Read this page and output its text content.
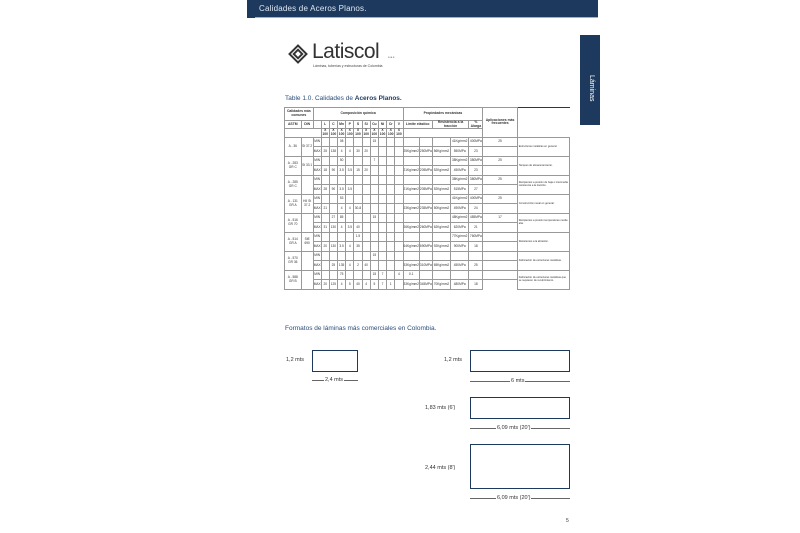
Calidades de Aceros Planos.
Láminas
Latiscol	s.a.s
Láminas, tuberías y estructuras de Colombia
Table 1.0. Calidades de Aceros Planos.
Calidades más comunes		Composición química											Propiedades mecánicas					Aplicaciones más frecuentes	
ASTM	DIN		L	C	Mn	P	S	Si	Cu	Ni	Cr	V	Límite elástico		Resistencia a la tracción		% Alarga		
			X 100	X 100	X 100	X 100	X 100	X 100	X 100	X 100	X 100	X 100							
A - 36	St 37.2	MIN			08				15							41Kg/mm2	400MPa	25	Estructuras metálicas en general.
		MAX	25	138	4	4	30	20					25Kg/mm2	250MPa	56Kg/mm2	550MPa	23		
A - 283 GR C	St 33.1	MIN			50				7							38Kg/mm2	380MPa	25	Tanques de almacenamiento.
		MAX	18	90	3.5	3.5	15	20					21Kg/mm2	205MPa	52Kg/mm2	450MPa	23		
A - 285 GR C		MIN														38Kg/mm2	380MPa	25	Recipientes a presión de baja o intermedia resistencia a la tracción.
		MAX	28	90	3.5	3.5							21Kg/mm2	205MPa	52Kg/mm2	515MPa	27		
A - 131 GR A	HII St 37.2	MIN			53											41Kg/mm2	400MPa	25	Construcción naval en general.
		MAX	21		4	4	30-8						23Kg/mm2	235MPa	50Kg/mm2	490MPa	24		
A - 516 GR 70		MIN		27	85				15							48Kg/mm2	485MPa	17	Recipientes a presión temperaturas media alta.
		MAX	31	130	4	3.5	40						26Kg/mm2	260MPa	62Kg/mm2	620MPa	21		
A - 514 GR A	StE 690	MIN					1.5									77Kg/mm2	760MPa		Resistentes a la abrasión.
		MAX	20	130	3.5	4	35						64Kg/mm2	690MPa	92Kg/mm2	900MPa	18		
A - 570 GR 36		MIN							15										Fabricación de estructuras metálicas.
		MAX		25	135	4	2	40					33Kg/mm2	310MPa	65Kg/mm2	450MPa	25		
A - 588 GR B		MIN			75				15	7		4	0.1						Fabricación de estructuras metálicas que se requieren de recubrimiento.
		MAX	20	125	4	5	40	4	5	7	1		33Kg/mm2	345MPa	70Kg/mm2	480MPa	18		
Formatos de láminas más comerciales en Colombia.
1,2 mts
2,4 mts
1,2 mts
6 mts
1,83 mts (6')
6,09 mts (20')
2,44 mts (8')
6,09 mts (20')
5
